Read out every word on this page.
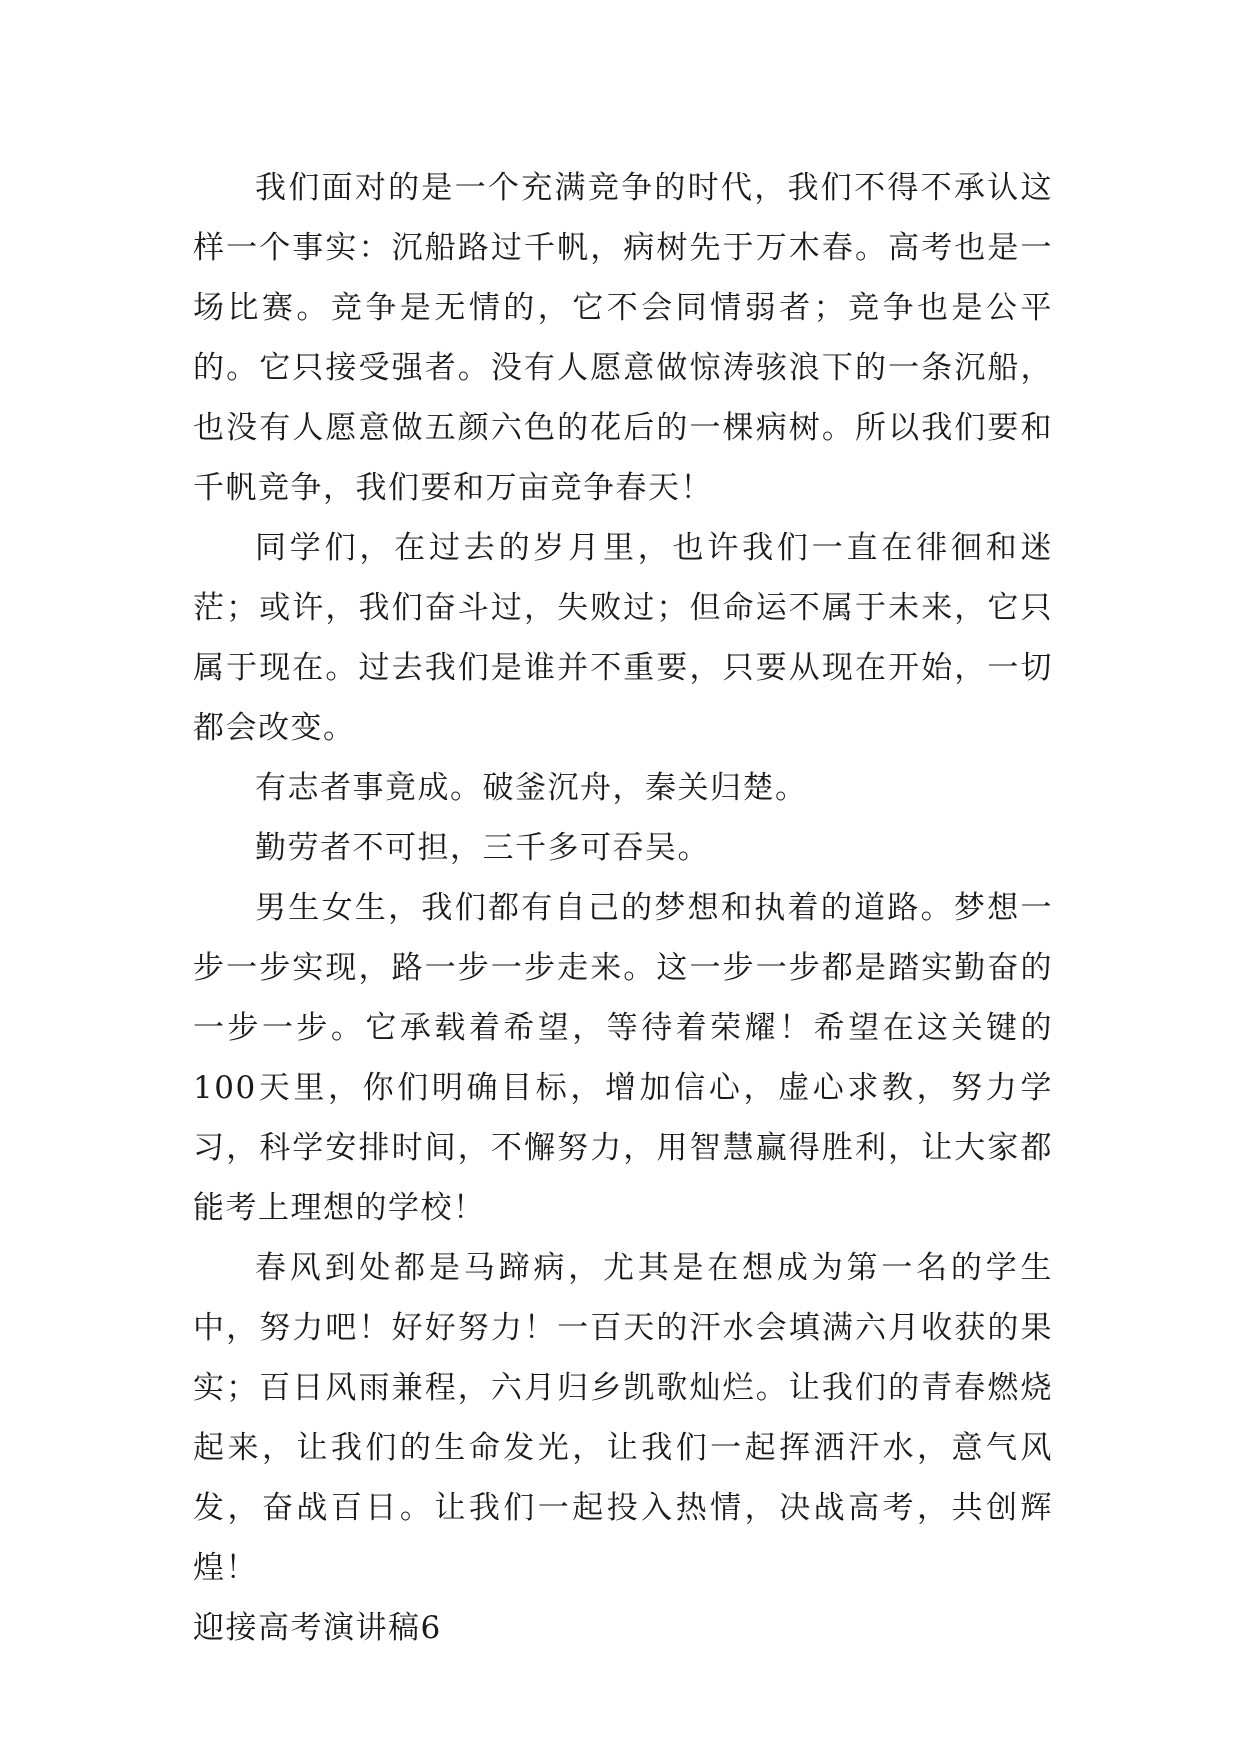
我们面对的是一个充满竞争的时代，我们不得不承认这样一个事实：沉船路过千帆，病树先于万木春。高考也是一场比赛。竞争是无情的，它不会同情弱者；竞争也是公平的。它只接受强者。没有人愿意做惊涛骇浪下的一条沉船，也没有人愿意做五颜六色的花后的一棵病树。所以我们要和千帆竞争，我们要和万亩竞争春天！

同学们，在过去的岁月里，也许我们一直在徘徊和迷茫；或许，我们奋斗过，失败过；但命运不属于未来，它只属于现在。过去我们是谁并不重要，只要从现在开始，一切都会改变。

有志者事竟成。破釜沉舟，秦关归楚。

勤劳者不可担，三千多可吞吴。

男生女生，我们都有自己的梦想和执着的道路。梦想一步一步实现，路一步一步走来。这一步一步都是踏实勤奋的一步一步。它承载着希望，等待着荣耀！希望在这关键的100天里，你们明确目标，增加信心，虚心求教，努力学习，科学安排时间，不懈努力，用智慧赢得胜利，让大家都能考上理想的学校！

春风到处都是马蹄病，尤其是在想成为第一名的学生中，努力吧！好好努力！一百天的汗水会填满六月收获的果实；百日风雨兼程，六月归乡凯歌灿烂。让我们的青春燃烧起来，让我们的生命发光，让我们一起挥洒汗水，意气风发，奋战百日。让我们一起投入热情，决战高考，共创辉煌！

迎接高考演讲稿6
